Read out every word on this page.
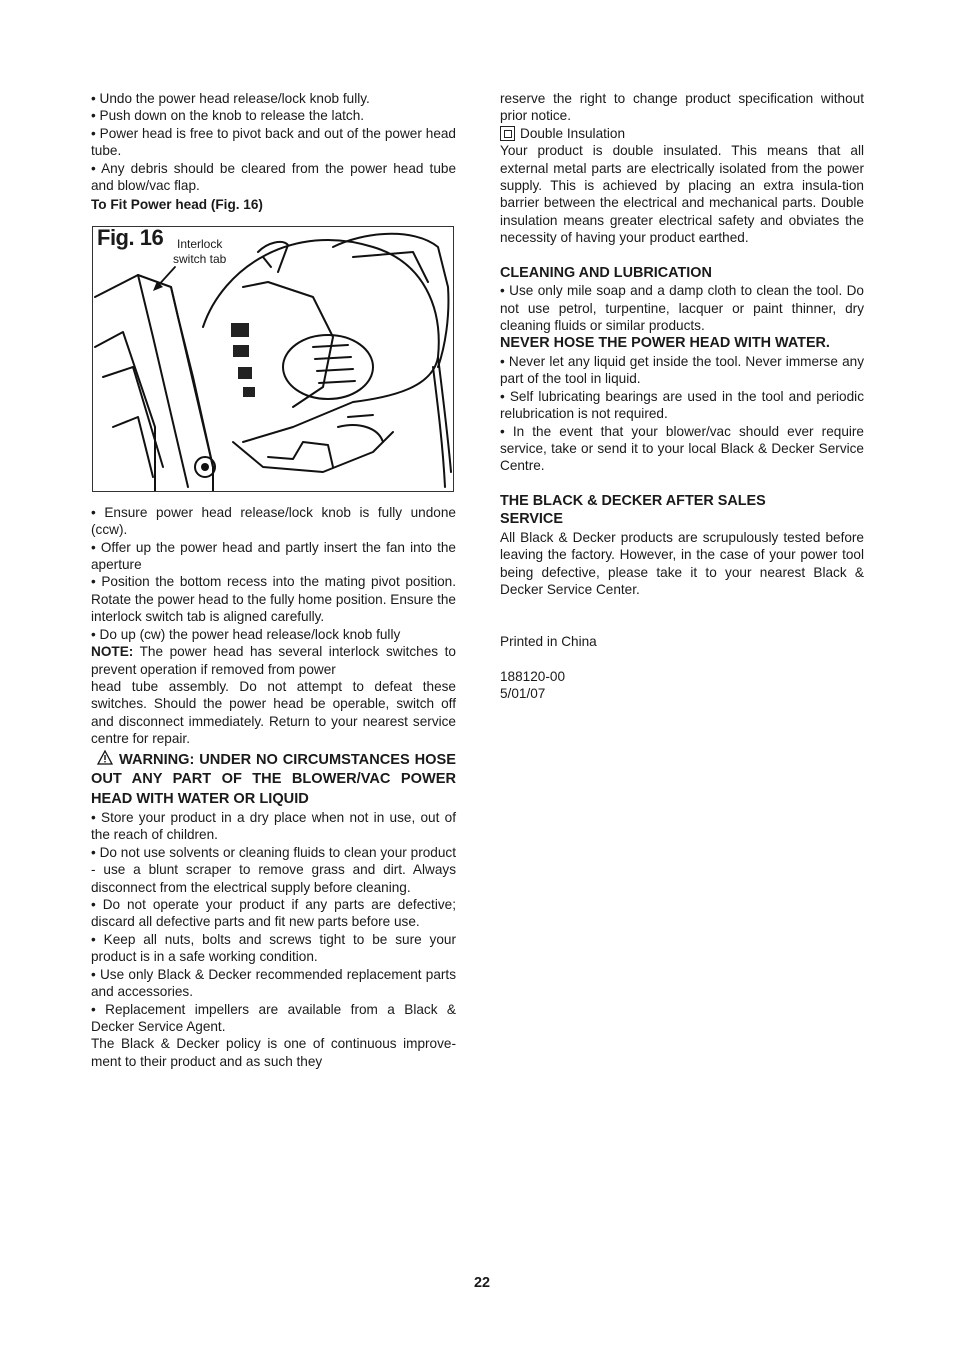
• Undo the power head release/lock knob fully.

• Push down on the knob to release the latch.

• Power head is free to pivot back and out of the power head tube.

• Any debris should be cleared from the power head tube and blow/vac flap.

To Fit Power head (Fig. 16)

Fig. 16	Interlock
switch tab

• Ensure power head release/lock knob is fully undone (ccw).

• Offer up the power head and partly insert the fan into the aperture

• Position the bottom recess into the mating pivot position. Rotate the power head to the fully home position. Ensure the interlock switch tab is aligned carefully.

• Do up (cw) the power head release/lock knob fully

NOTE: The power head has several interlock switches to prevent operation if removed from power

head tube assembly. Do not attempt to defeat these switches. Should the power head be operable, switch off and disconnect immediately. Return to your nearest service centre for repair.

WARNING: UNDER NO CIRCUMSTANCES HOSE OUT ANY PART OF THE BLOWER/VAC POWER HEAD WITH WATER OR LIQUID

• Store your product in a dry place when not in use, out of the reach of children.

• Do not use solvents or cleaning fluids to clean your product - use a blunt scraper to remove grass and dirt. Always disconnect from the electrical supply before cleaning.

• Do not operate your product if any parts are defective; discard all defective parts and fit new parts before use.

• Keep all nuts, bolts and screws tight to be sure your product is in a safe working condition.

• Use only Black & Decker recommended replacement parts and accessories.

• Replacement impellers are available from a Black & Decker Service Agent.

The Black & Decker policy is one of continuous improve-ment to their product and as such they

reserve the right to change product specification without prior notice.

Double Insulation

Your product is double insulated. This means that all external metal parts are electrically isolated from the power supply. This is achieved by placing an extra insula-tion barrier between the electrical and mechanical parts. Double insulation means greater electrical safety and obviates the necessity of having your product earthed.

CLEANING AND LUBRICATION

• Use only mile soap and a damp cloth to clean the tool. Do not use petrol, turpentine, lacquer or paint thinner, dry cleaning fluids or similar products.

NEVER HOSE THE POWER HEAD WITH WATER.

• Never let any liquid get inside the tool. Never immerse any part of the tool in liquid.

• Self lubricating bearings are used in the tool and periodic relubrication is not required.

• In the event that your blower/vac should ever require service, take or send it to your local Black & Decker Service Centre.

THE BLACK & DECKER AFTER SALES

SERVICE

All Black & Decker products are scrupulously tested before leaving the factory. However, in the case of your power tool being defective, please take it to your nearest Black & Decker Service Center.

Printed in China

188120-00

5/01/07

22
